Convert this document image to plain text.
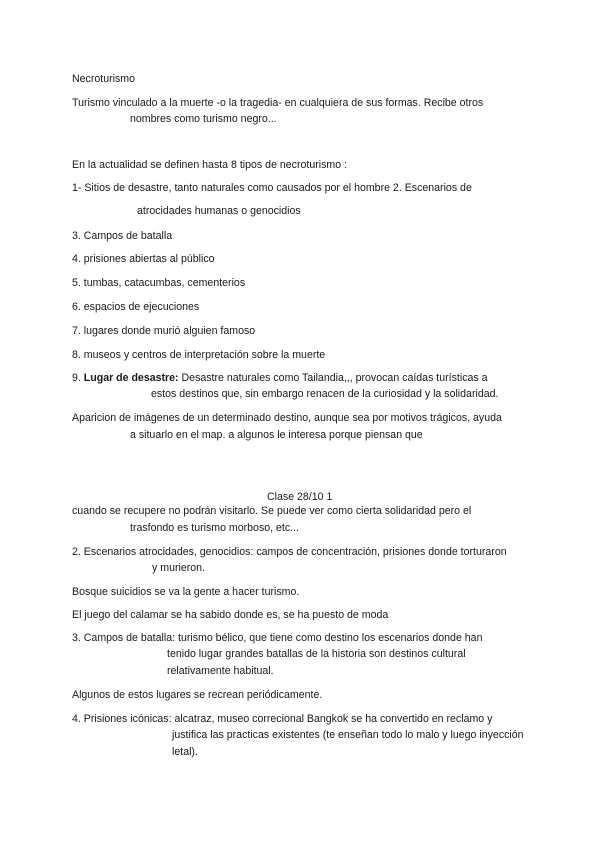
Necroturismo
Turismo vinculado a la muerte -o la tragedia- en cualquiera de sus formas. Recibe otros
nombres como turismo negro...
En la actualidad se definen hasta 8 tipos de necroturismo :
1- Sitios de desastre, tanto naturales como causados por el hombre 2. Escenarios de
atrocidades humanas o genocidios
3. Campos de batalla
4. prisiones abiertas al público
5. tumbas, catacumbas, cementerios
6. espacios de ejecuciones
7. lugares donde murió alguien famoso
8. museos y centros de interpretación sobre la muerte
9. Lugar de desastre: Desastre naturales como Tailandia,,, provocan caídas turísticas a
estos destinos que, sin embargo renacen de la curiosidad y la solidaridad.
Aparicion de imágenes de un determinado destino, aunque sea por motivos trágicos, ayuda
a situarlo en el map. a algunos le interesa porque piensan que
Clase 28/10 1
cuando se recupere no podrán visitarlo. Se puede ver como cierta solidaridad pero el
trasfondo es turismo morboso, etc...
2. Escenarios atrocidades, genocidios: campos de concentración, prisiones donde torturaron
y murieron.
Bosque suicidios se va la gente a hacer turismo.
El juego del calamar se ha sabido donde es, se ha puesto de moda
3. Campos de batalla: turismo bélico, que tiene como destino los escenarios donde han
tenido lugar grandes batallas de la historia son destinos cultural
relativamente habitual.
Algunos de estos lugares se recrean periódicamente.
4. Prisiones icónicas: alcatraz, museo correcional Bangkok se ha convertido en reclamo y
justifica las practicas existentes (te enseñan todo lo malo y luego inyección
letal).
